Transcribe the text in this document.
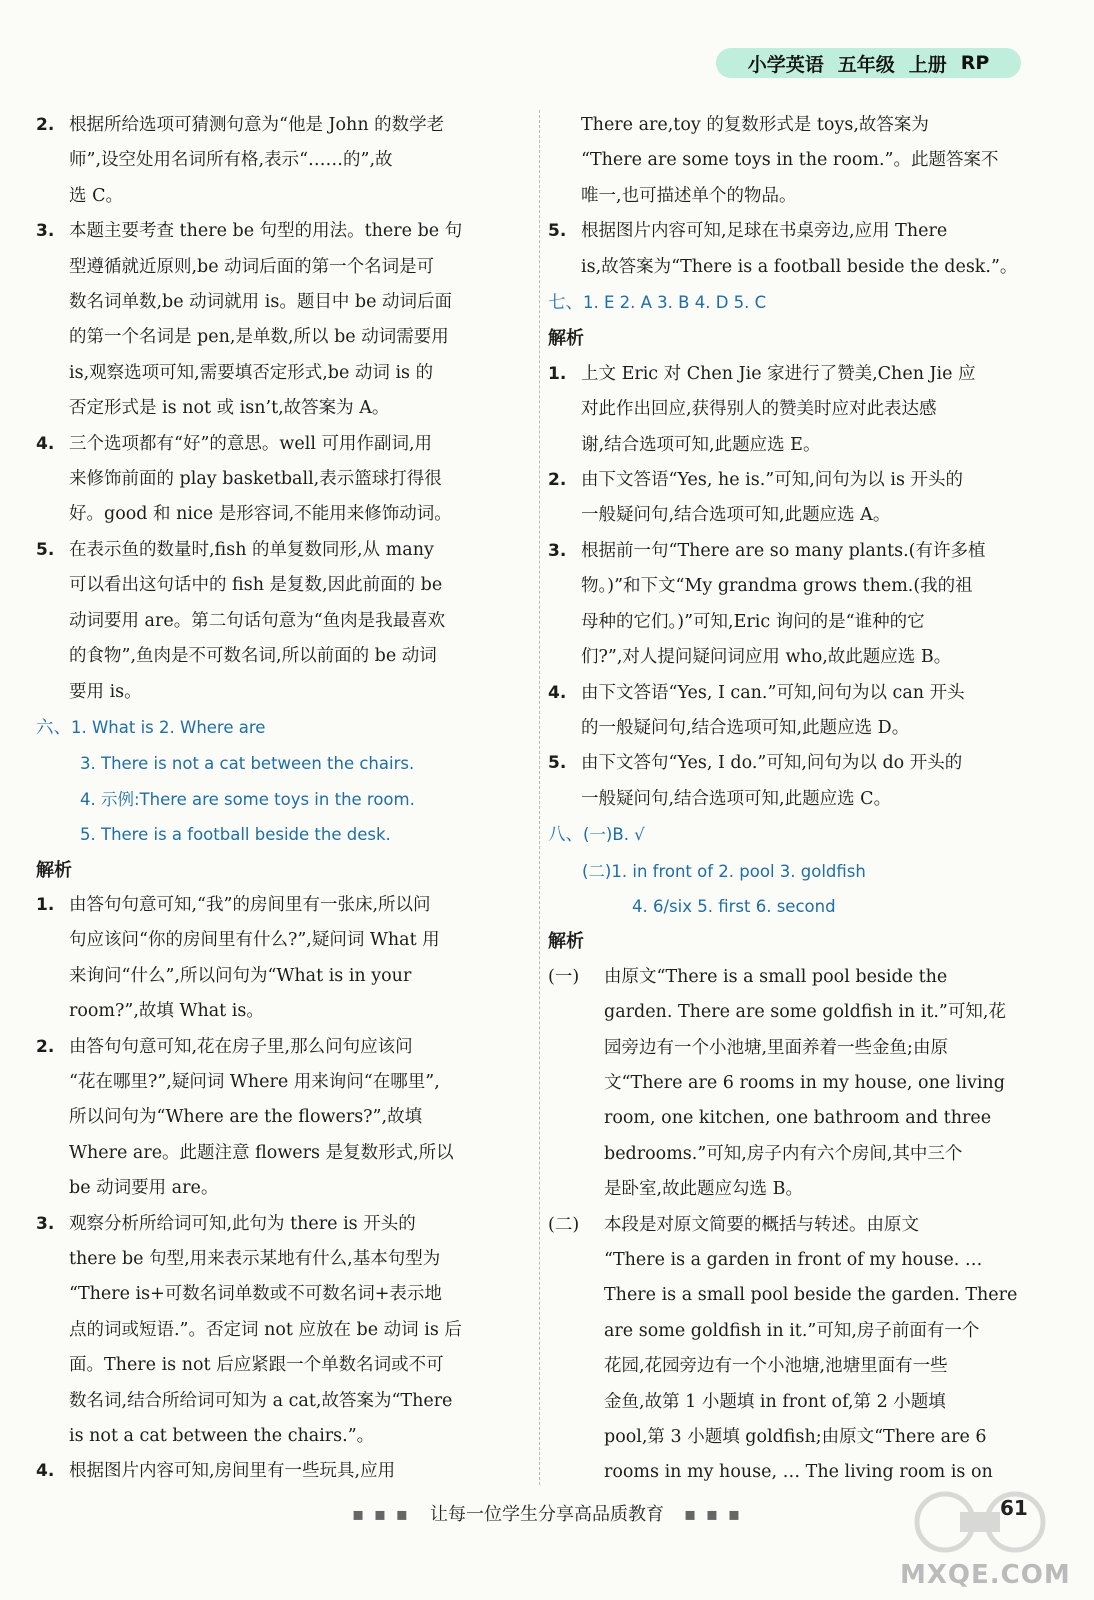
小学英语 五年级 上册 RP
2. 根据所给选项可猜测句意为“他是 John 的数学老
师”,设空处用名词所有格,表示“……的”,故
选 C。
3. 本题主要考查 there be 句型的用法。there be 句
型遵循就近原则,be 动词后面的第一个名词是可
数名词单数,be 动词就用 is。题目中 be 动词后面
的第一个名词是 pen,是单数,所以 be 动词需要用
is,观察选项可知,需要填否定形式,be 动词 is 的
否定形式是 is not 或 isn’t,故答案为 A。
4. 三个选项都有“好”的意思。well 可用作副词,用
来修饰前面的 play basketball,表示篮球打得很
好。good 和 nice 是形容词,不能用来修饰动词。
5. 在表示鱼的数量时,fish 的单复数同形,从 many
可以看出这句话中的 fish 是复数,因此前面的 be
动词要用 are。第二句话句意为“鱼肉是我最喜欢
的食物”,鱼肉是不可数名词,所以前面的 be 动词
要用 is。

六、1. What is 2. Where are

3. There is not a cat between the chairs.

4. 示例:There are some toys in the room.

5. There is a football beside the desk.

解析

1. 由答句句意可知,“我”的房间里有一张床,所以问
句应该问“你的房间里有什么?”,疑问词 What 用
来询问“什么”,所以问句为“What is in your
room?”,故填 What is。
2. 由答句句意可知,花在房子里,那么问句应该问
“花在哪里?”,疑问词 Where 用来询问“在哪里”,
所以问句为“Where are the flowers?”,故填
Where are。此题注意 flowers 是复数形式,所以
be 动词要用 are。
3. 观察分析所给词可知,此句为 there is 开头的
there be 句型,用来表示某地有什么,基本句型为
“There is+可数名词单数或不可数名词+表示地
点的词或短语.”。否定词 not 应放在 be 动词 is 后
面。There is not 后应紧跟一个单数名词或不可
数名词,结合所给词可知为 a cat,故答案为“There
is not a cat between the chairs.”。
4. 根据图片内容可知,房间里有一些玩具,应用
There are,toy 的复数形式是 toys,故答案为
“There are some toys in the room.”。此题答案不
唯一,也可描述单个的物品。
5. 根据图片内容可知,足球在书桌旁边,应用 There
is,故答案为“There is a football beside the desk.”。

七、1. E 2. A 3. B 4. D 5. C

解析

1. 上文 Eric 对 Chen Jie 家进行了赞美,Chen Jie 应
对此作出回应,获得别人的赞美时应对此表达感
谢,结合选项可知,此题应选 E。
2. 由下文答语“Yes, he is.”可知,问句为以 is 开头的
一般疑问句,结合选项可知,此题应选 A。
3. 根据前一句“There are so many plants.(有许多植
物。)”和下文“My grandma grows them.(我的祖
母种的它们。)”可知,Eric 询问的是“谁种的它
们?”,对人提问疑问词应用 who,故此题应选 B。
4. 由下文答语“Yes, I can.”可知,问句为以 can 开头
的一般疑问句,结合选项可知,此题应选 D。
5. 由下文答句“Yes, I do.”可知,问句为以 do 开头的
一般疑问句,结合选项可知,此题应选 C。

八、(一)B. √

(二)1. in front of 2. pool 3. goldfish

4. 6/six 5. first 6. second

解析

(一) 由原文“There is a small pool beside the
garden. There are some goldfish in it.”可知,花
园旁边有一个小池塘,里面养着一些金鱼;由原
文“There are 6 rooms in my house, one living
room, one kitchen, one bathroom and three
bedrooms.”可知,房子内有六个房间,其中三个
是卧室,故此题应勾选 B。
(二) 本段是对原文简要的概括与转述。由原文
“There is a garden in front of my house. …
There is a small pool beside the garden. There
are some goldfish in it.”可知,房子前面有一个
花园,花园旁边有一个小池塘,池塘里面有一些
金鱼,故第 1 小题填 in front of,第 2 小题填
pool,第 3 小题填 goldfish;由原文“There are 6
rooms in my house, … The living room is on
▪ ▪ ▪ 让每一位学生分享高品质教育 ▪ ▪ ▪	61
MXQE.COM
